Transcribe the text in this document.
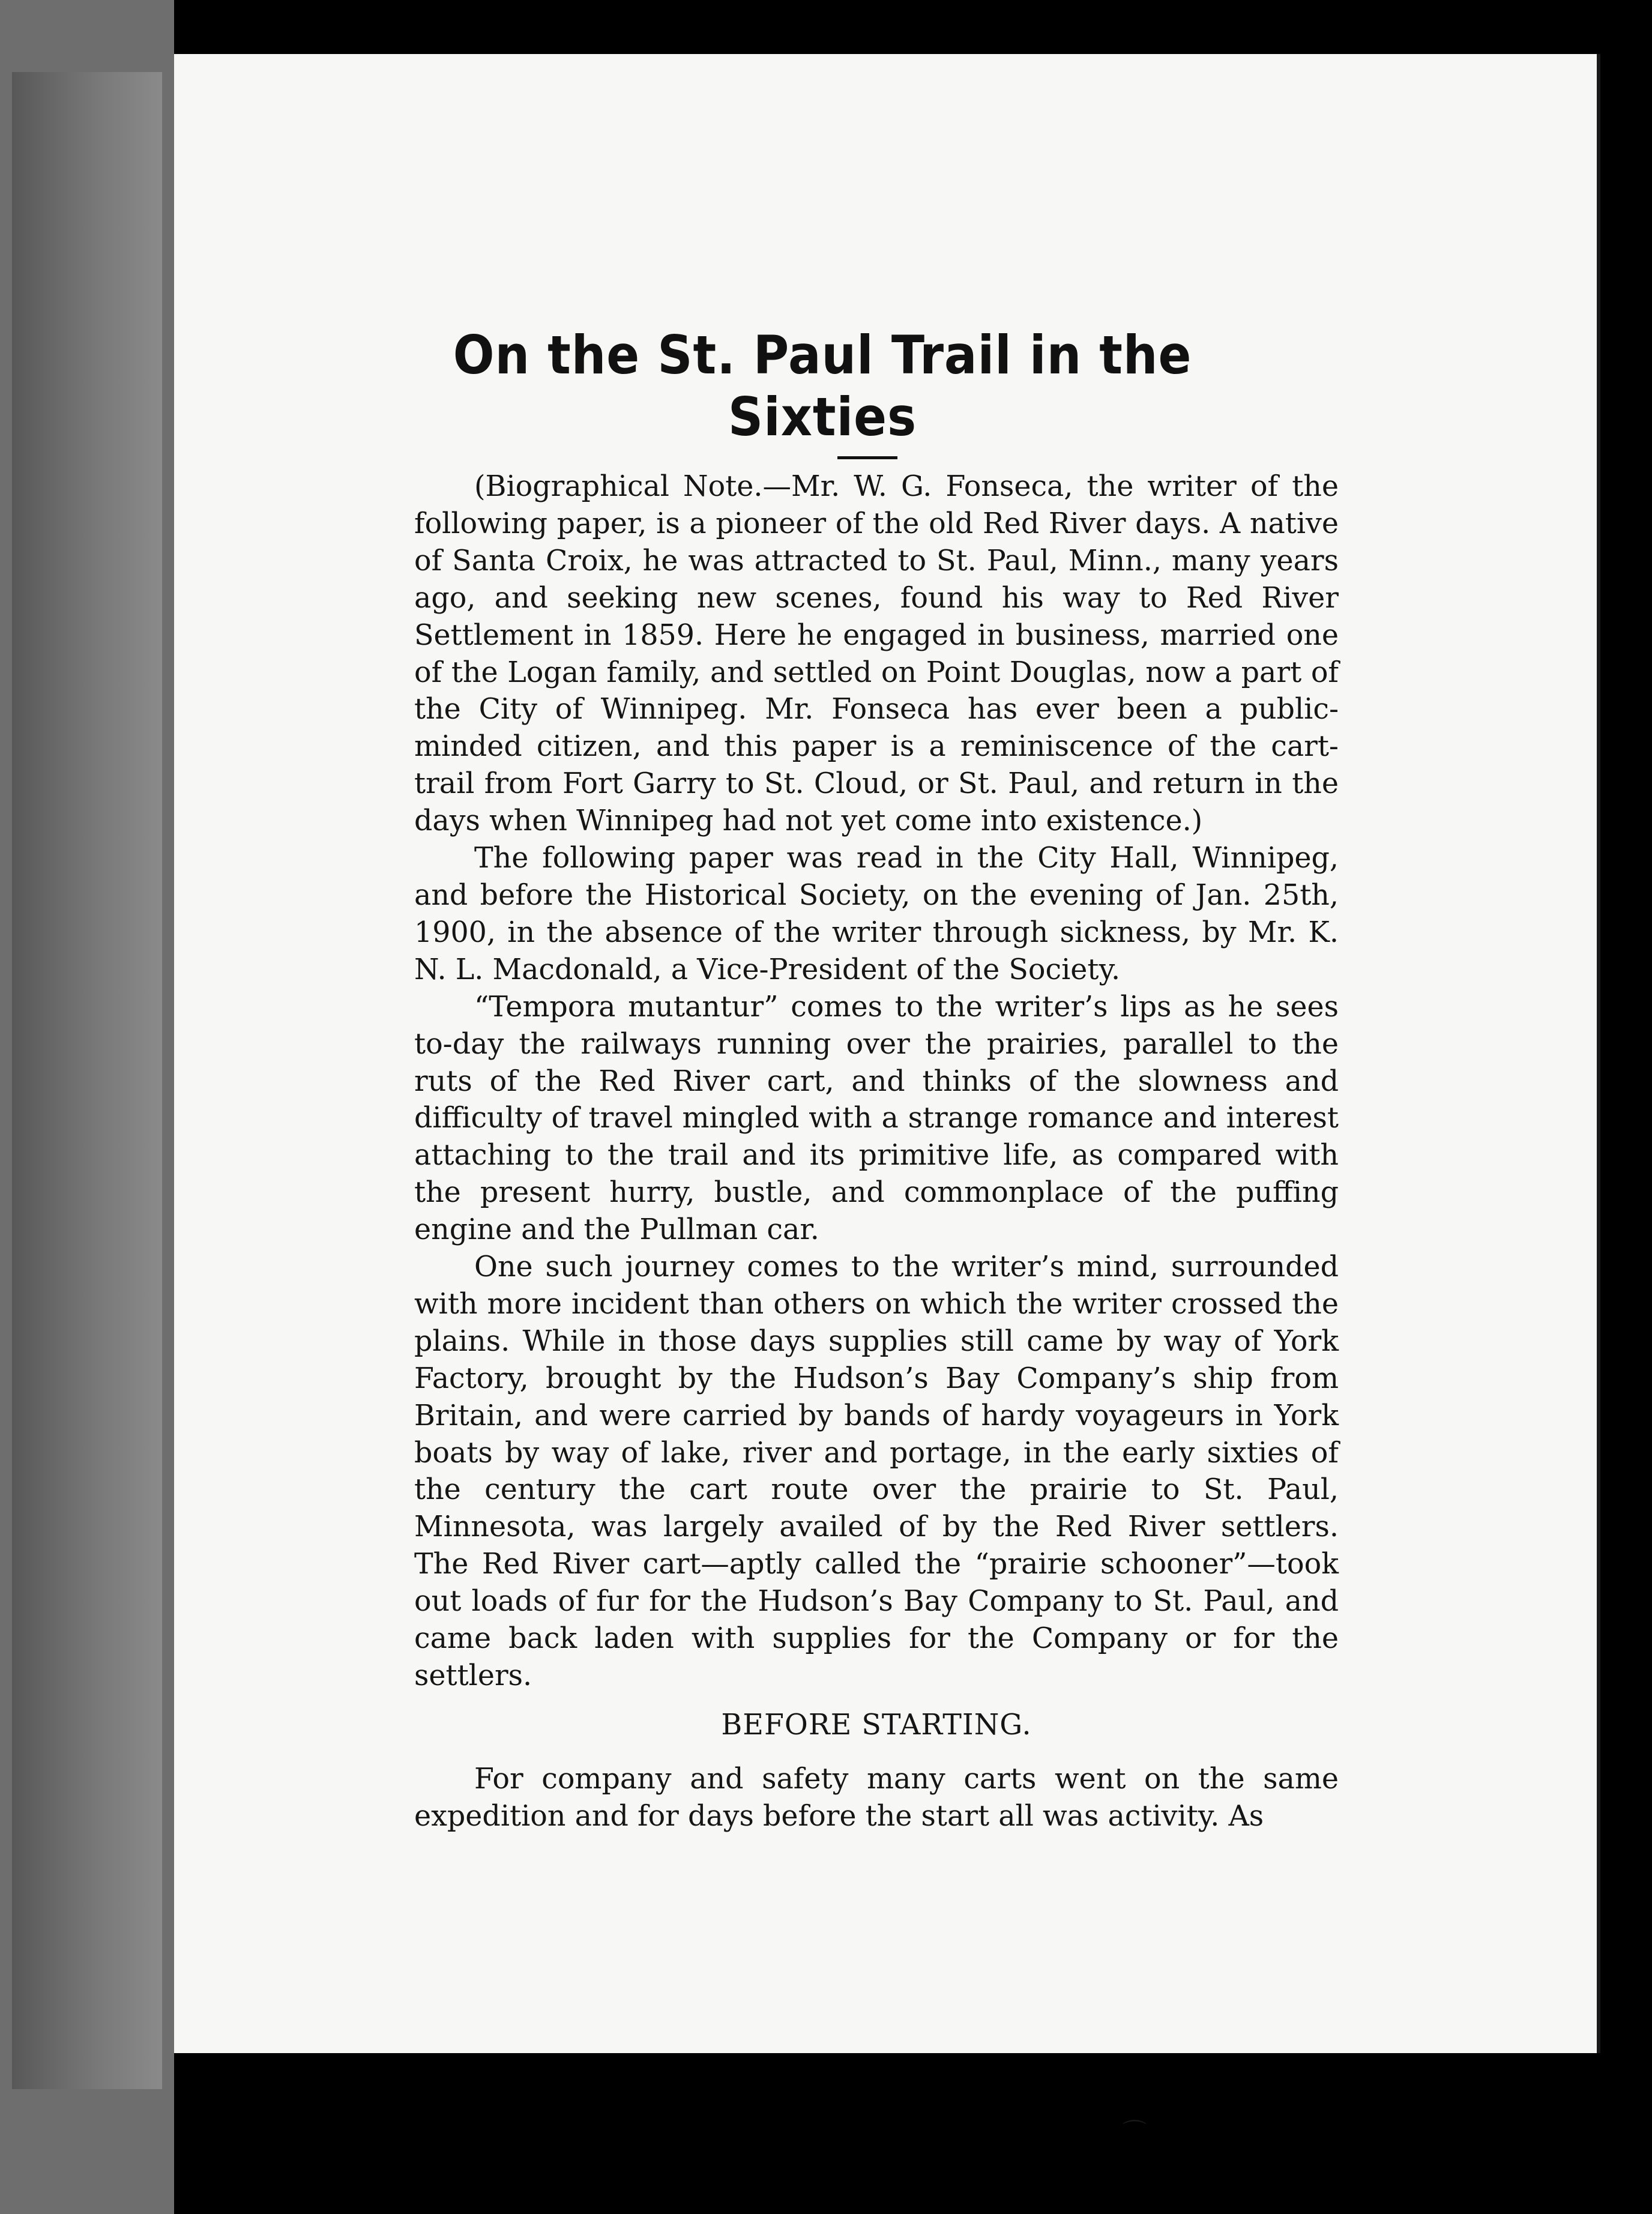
On the St. Paul Trail in the Sixties

(Biographical Note.—Mr. W. G. Fonseca, the writer of the following paper, is a pioneer of the old Red River days. A native of Santa Croix, he was attracted to St. Paul, Minn., many years ago, and seeking new scenes, found his way to Red River Settlement in 1859. Here he engaged in business, married one of the Logan family, and settled on Point Douglas, now a part of the City of Winnipeg. Mr. Fonseca has ever been a public-minded citizen, and this paper is a reminiscence of the cart-trail from Fort Garry to St. Cloud, or St. Paul, and return in the days when Winnipeg had not yet come into existence.)

The following paper was read in the City Hall, Winnipeg, and before the Historical Society, on the evening of Jan. 25th, 1900, in the absence of the writer through sickness, by Mr. K. N. L. Macdonald, a Vice-President of the Society.

“Tempora mutantur” comes to the writer’s lips as he sees to-day the railways running over the prairies, parallel to the ruts of the Red River cart, and thinks of the slowness and difficulty of travel mingled with a strange romance and interest attaching to the trail and its primitive life, as compared with the present hurry, bustle, and commonplace of the puffing engine and the Pullman car.

One such journey comes to the writer’s mind, surrounded with more incident than others on which the writer crossed the plains. While in those days supplies still came by way of York Factory, brought by the Hudson’s Bay Company’s ship from Britain, and were carried by bands of hardy voyageurs in York boats by way of lake, river and portage, in the early sixties of the century the cart route over the prairie to St. Paul, Minnesota, was largely availed of by the Red River settlers. The Red River cart—aptly called the “prairie schooner”—took out loads of fur for the Hudson’s Bay Company to St. Paul, and came back laden with supplies for the Company or for the settlers.

BEFORE STARTING.

For company and safety many carts went on the same expedition and for days before the start all was activity. As

⌒
